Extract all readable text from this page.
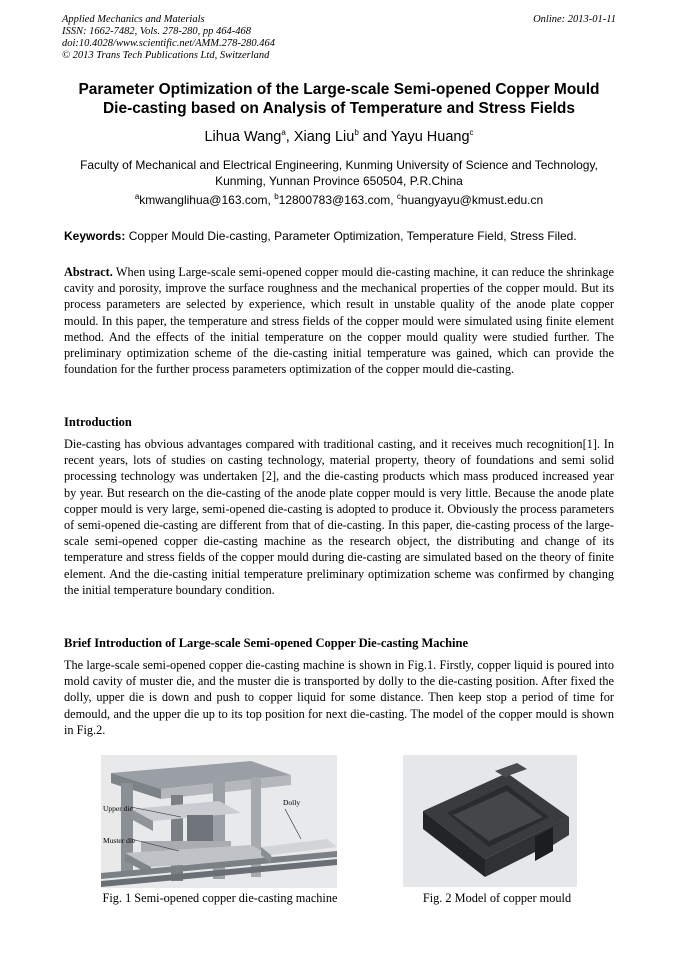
Applied Mechanics and Materials
ISSN: 1662-7482, Vols. 278-280, pp 464-468
doi:10.4028/www.scientific.net/AMM.278-280.464
© 2013 Trans Tech Publications Ltd, Switzerland
Online: 2013-01-11
Parameter Optimization of the Large-scale Semi-opened Copper Mould
Die-casting based on Analysis of Temperature and Stress Fields
Lihua Wang$^a$, Xiang Liu$^b$ and Yayu Huang$^c$
Faculty of Mechanical and Electrical Engineering, Kunming University of Science and Technology,
Kunming, Yunnan Province 650504, P.R.China
$^a$kmwanglihua@163.com, $^b$12800783@163.com, $^c$huangyayu@kmust.edu.cn
Keywords: Copper Mould Die-casting, Parameter Optimization, Temperature Field, Stress Filed.
Abstract. When using Large-scale semi-opened copper mould die-casting machine, it can reduce the shrinkage cavity and porosity, improve the surface roughness and the mechanical properties of the copper mould. But its process parameters are selected by experience, which result in unstable quality of the anode plate copper mould. In this paper, the temperature and stress fields of the copper mould were simulated using finite element method. And the effects of the initial temperature on the copper mould quality were studied further. The preliminary optimization scheme of the die-casting initial temperature was gained, which can provide the foundation for the further process parameters optimization of the copper mould die-casting.
Introduction
Die-casting has obvious advantages compared with traditional casting, and it receives much recognition[1]. In recent years, lots of studies on casting technology, material property, theory of foundations and semi solid processing technology was undertaken [2], and the die-casting products which mass produced increased year by year. But research on the die-casting of the anode plate copper mould is very little. Because the anode plate copper mould is very large, semi-opened die-casting is adopted to produce it. Obviously the process parameters of semi-opened die-casting are different from that of die-casting. In this paper, die-casting process of the large-scale semi-opened copper die-casting machine as the research object, the distributing and change of its temperature and stress fields of the copper mould during die-casting are simulated based on the theory of finite element. And the die-casting initial temperature preliminary optimization scheme was confirmed by changing the initial temperature boundary condition.
Brief Introduction of Large-scale Semi-opened Copper Die-casting Machine
The large-scale semi-opened copper die-casting machine is shown in Fig.1. Firstly, copper liquid is poured into mold cavity of muster die, and the muster die is transported by dolly to the die-casting position. After fixed the dolly, upper die is down and push to copper liquid for some distance. Then keep stop a period of time for demould, and the upper die up to its top position for next die-casting. The model of the copper mould is shown in Fig.2.
Upper die
Dolly
Muster die
Fig. 1 Semi-opened copper die-casting machine	Fig. 2 Model of copper mould
